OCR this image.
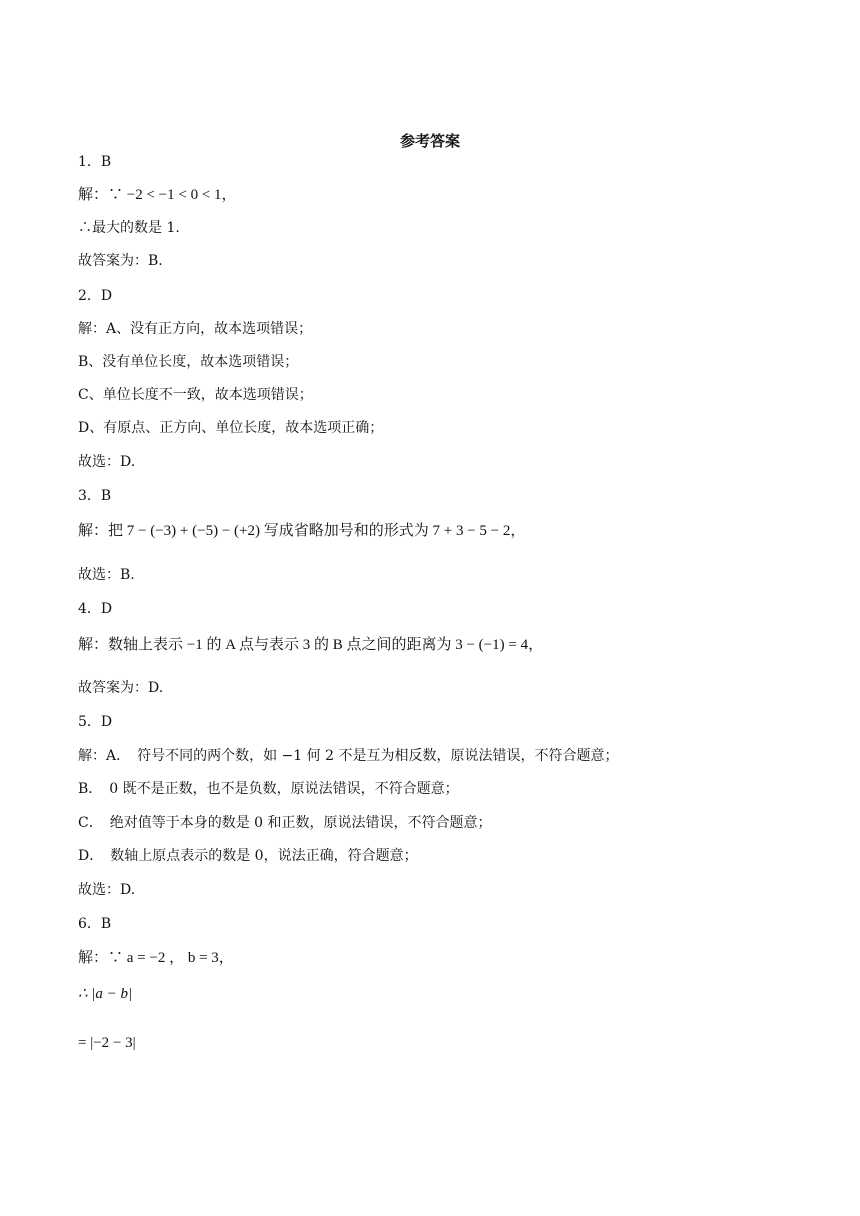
参考答案
1．B
解：∵ −2 < −1 < 0 < 1，
∴最大的数是 1.
故答案为：B.
2．D
解：A、没有正方向，故本选项错误；
B、没有单位长度，故本选项错误；
C、单位长度不一致，故本选项错误；
D、有原点、正方向、单位长度，故本选项正确；
故选：D.
3．B
解：把 7 − (−3) + (−5) − (+2) 写成省略加号和的形式为 7 + 3 − 5 − 2，
故选：B.
4．D
解：数轴上表示 −1 的 A 点与表示 3 的 B 点之间的距离为 3 − (−1) = 4，
故答案为：D.
5．D
解：A．　符号不同的两个数，如 −1 何 2 不是互为相反数，原说法错误，不符合题意；
B．　0 既不是正数，也不是负数，原说法错误，不符合题意；
C．　绝对值等于本身的数是 0 和正数，原说法错误，不符合题意；
D．　数轴上原点表示的数是 0，说法正确，符合题意；
故选：D.
6．B
解：∵ a = −2 ， b = 3，
∴ |a − b|
= |−2 − 3|
